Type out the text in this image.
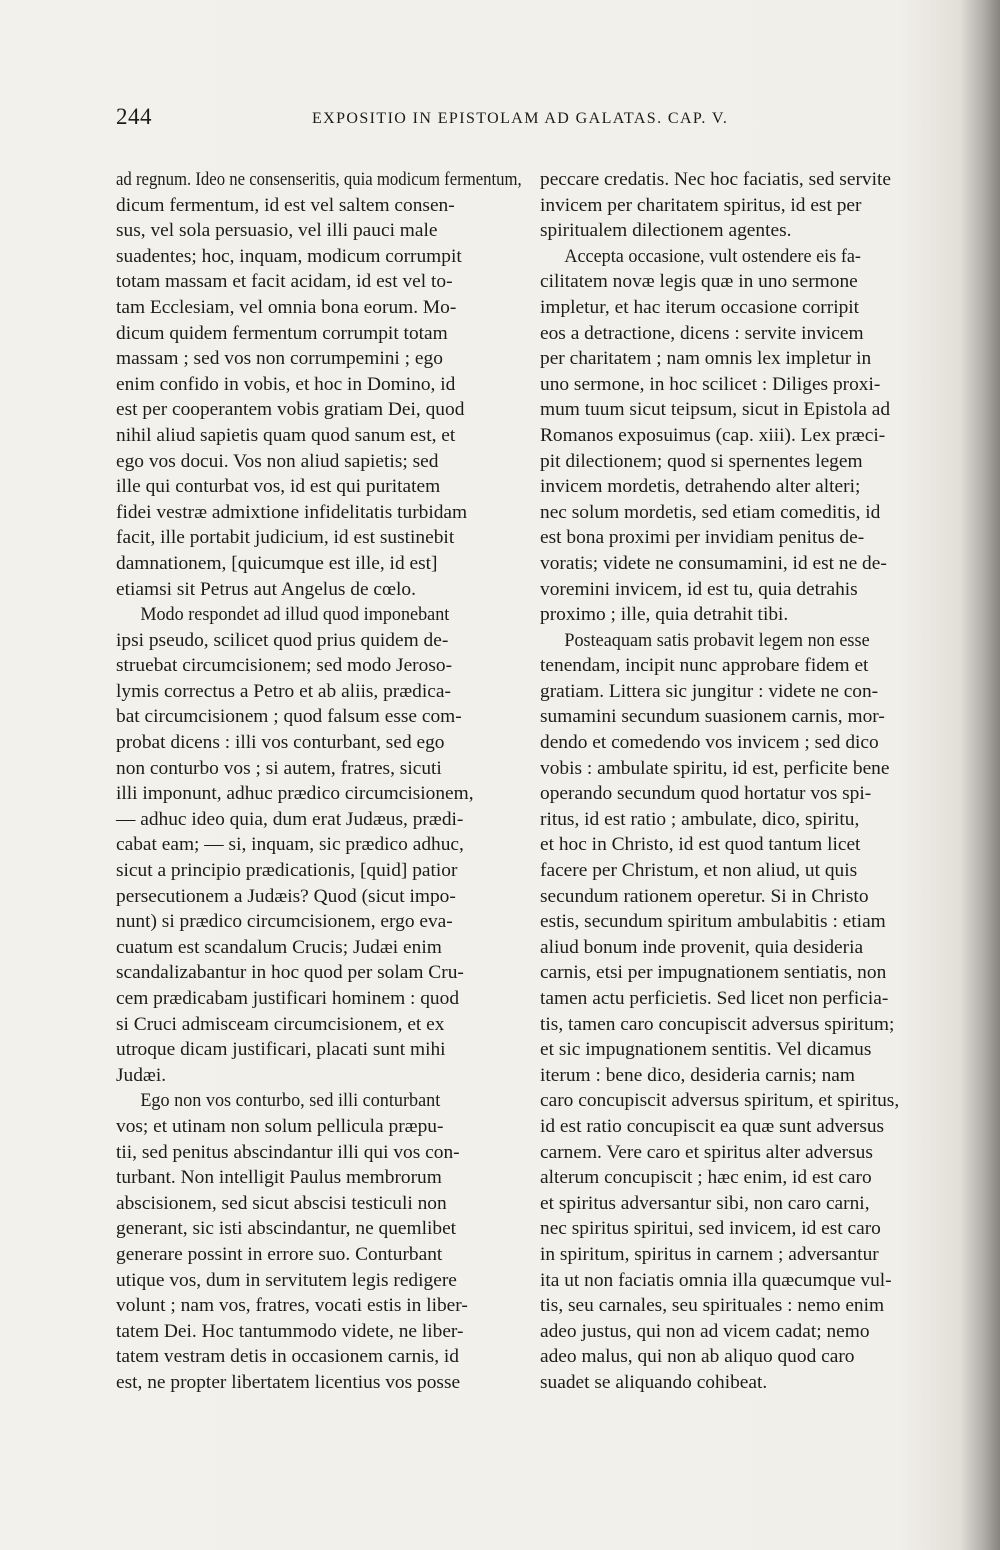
244	EXPOSITIO IN EPISTOLAM AD GALATAS. CAP. V.
ad regnum. Ideo ne consenseritis, quia modicum fermentum,
dicum fermentum, id est vel saltem consen-
sus, vel sola persuasio, vel illi pauci male
suadentes; hoc, inquam, modicum corrumpit
totam massam et facit acidam, id est vel to-
tam Ecclesiam, vel omnia bona eorum. Mo-
dicum quidem fermentum corrumpit totam
massam ; sed vos non corrumpemini ; ego
enim confido in vobis, et hoc in Domino, id
est per cooperantem vobis gratiam Dei, quod
nihil aliud sapietis quam quod sanum est, et
ego vos docui. Vos non aliud sapietis; sed
ille qui conturbat vos, id est qui puritatem
fidei vestræ admixtione infidelitatis turbidam
facit, ille portabit judicium, id est sustinebit
damnationem, [quicumque est ille, id est]
etiamsi sit Petrus aut Angelus de cœlo.
Modo respondet ad illud quod imponebant
ipsi pseudo, scilicet quod prius quidem de-
struebat circumcisionem; sed modo Jeroso-
lymis correctus a Petro et ab aliis, prædica-
bat circumcisionem ; quod falsum esse com-
probat dicens : illi vos conturbant, sed ego
non conturbo vos ; si autem, fratres, sicuti
illi imponunt, adhuc prædico circumcisionem,
— adhuc ideo quia, dum erat Judæus, prædi-
cabat eam; — si, inquam, sic prædico adhuc,
sicut a principio prædicationis, [quid] patior
persecutionem a Judæis? Quod (sicut impo-
nunt) si prædico circumcisionem, ergo eva-
cuatum est scandalum Crucis; Judæi enim
scandalizabantur in hoc quod per solam Cru-
cem prædicabam justificari hominem : quod
si Cruci admisceam circumcisionem, et ex
utroque dicam justificari, placati sunt mihi
Judæi.
Ego non vos conturbo, sed illi conturbant
vos; et utinam non solum pellicula præpu-
tii, sed penitus abscindantur illi qui vos con-
turbant. Non intelligit Paulus membrorum
abscisionem, sed sicut abscisi testiculi non
generant, sic isti abscindantur, ne quemlibet
generare possint in errore suo. Conturbant
utique vos, dum in servitutem legis redigere
volunt ; nam vos, fratres, vocati estis in liber-
tatem Dei. Hoc tantummodo videte, ne liber-
tatem vestram detis in occasionem carnis, id
est, ne propter libertatem licentius vos posse
peccare credatis. Nec hoc faciatis, sed servite
invicem per charitatem spiritus, id est per
spiritualem dilectionem agentes.
Accepta occasione, vult ostendere eis fa-
cilitatem novæ legis quæ in uno sermone
impletur, et hac iterum occasione corripit
eos a detractione, dicens : servite invicem
per charitatem ; nam omnis lex impletur in
uno sermone, in hoc scilicet : Diliges proxi-
mum tuum sicut teipsum, sicut in Epistola ad
Romanos exposuimus (cap. xiii). Lex præci-
pit dilectionem; quod si spernentes legem
invicem mordetis, detrahendo alter alteri;
nec solum mordetis, sed etiam comeditis, id
est bona proximi per invidiam penitus de-
voratis; videte ne consumamini, id est ne de-
voremini invicem, id est tu, quia detrahis
proximo ; ille, quia detrahit tibi.
Posteaquam satis probavit legem non esse
tenendam, incipit nunc approbare fidem et
gratiam. Littera sic jungitur : videte ne con-
sumamini secundum suasionem carnis, mor-
dendo et comedendo vos invicem ; sed dico
vobis : ambulate spiritu, id est, perficite bene
operando secundum quod hortatur vos spi-
ritus, id est ratio ; ambulate, dico, spiritu,
et hoc in Christo, id est quod tantum licet
facere per Christum, et non aliud, ut quis
secundum rationem operetur. Si in Christo
estis, secundum spiritum ambulabitis : etiam
aliud bonum inde provenit, quia desideria
carnis, etsi per impugnationem sentiatis, non
tamen actu perficietis. Sed licet non perficia-
tis, tamen caro concupiscit adversus spiritum;
et sic impugnationem sentitis. Vel dicamus
iterum : bene dico, desideria carnis; nam
caro concupiscit adversus spiritum, et spiritus,
id est ratio concupiscit ea quæ sunt adversus
carnem. Vere caro et spiritus alter adversus
alterum concupiscit ; hæc enim, id est caro
et spiritus adversantur sibi, non caro carni,
nec spiritus spiritui, sed invicem, id est caro
in spiritum, spiritus in carnem ; adversantur
ita ut non faciatis omnia illa quæcumque vul-
tis, seu carnales, seu spirituales : nemo enim
adeo justus, qui non ad vicem cadat; nemo
adeo malus, qui non ab aliquo quod caro
suadet se aliquando cohibeat.
